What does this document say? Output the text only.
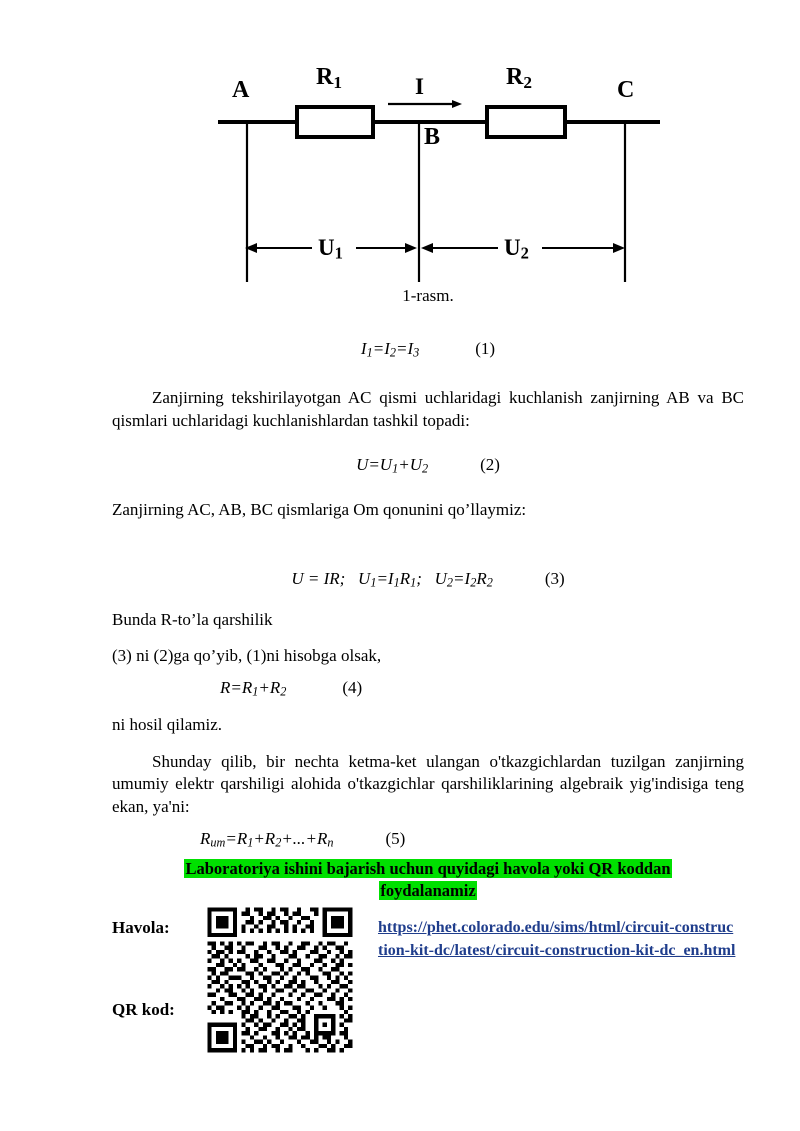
A
B
C
$R_1$	$R_2$
I
$U_1$	$U_2$

1-rasm.

$I_1=I_2=I_3$	(1)

Zanjirning tekshirilayotgan AC qismi uchlaridagi kuchlanish zanjirning AB va BC qismlari uchlaridagi kuchlanishlardan tashkil topadi:

$U=U_1+U_2$	(2)

Zanjirning AC, AB, BC qismlariga Om qonunini qo’llaymiz:

U = IR;   $U_1=I_1R_1$;   $U_2=I_2R_2$	(3)

Bunda R-to’la qarshilik

(3) ni (2)ga qo’yib, (1)ni hisobga olsak,

$R=R_1+R_2$	(4)

ni hosil qilamiz.

Shunday qilib, bir nechta ketma-ket ulangan o'tkazgichlardan tuzilgan zanjirning umumiy elektr qarshiligi alohida o'tkazgichlar qarshiliklarining algebraik yig'indisiga teng ekan, ya'ni:

$R_{um}=R_1+R_2+...+R_n$	(5)

Laboratoriya ishini bajarish uchun quyidagi havola yoki QR koddan
foydalanamiz
Havola:
QR kod:
https://phet.colorado.edu/sims/html/circuit-construction-kit-dc/latest/circuit-construction-kit-dc_en.html
